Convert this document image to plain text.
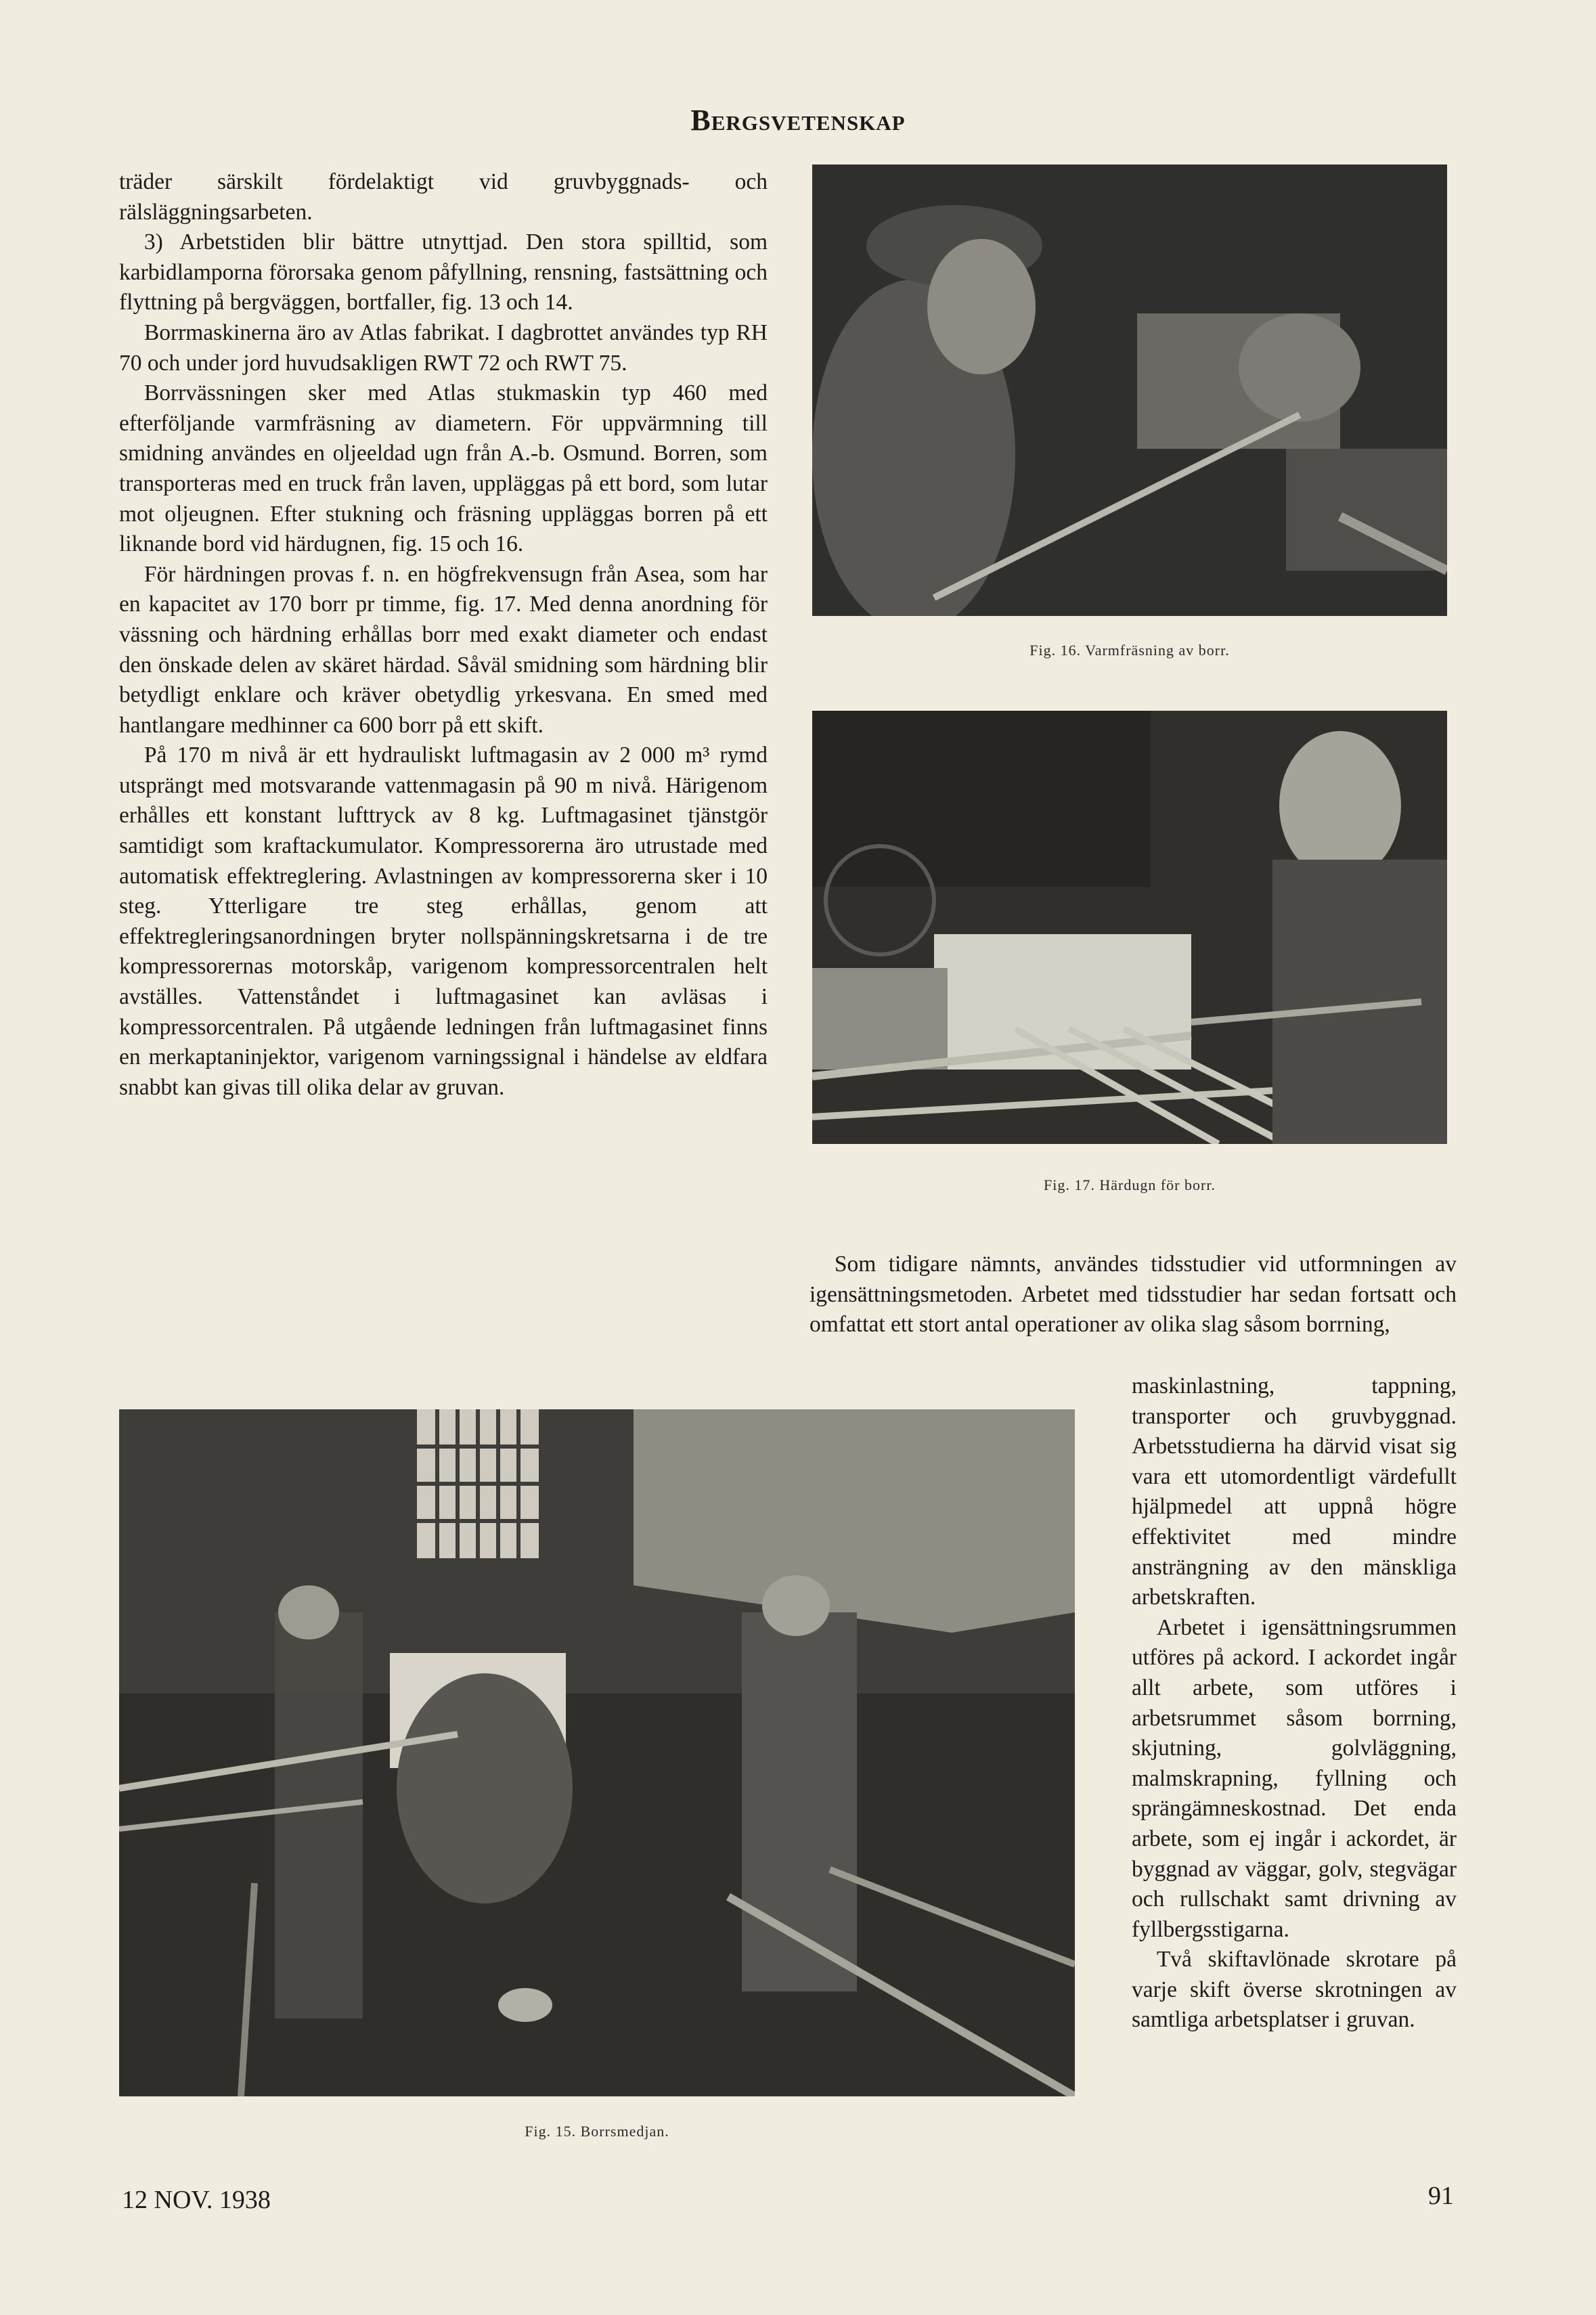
Bergsvetenskap

träder särskilt fördelaktigt vid gruvbyggnads- och rälsläggningsarbeten.

3) Arbetstiden blir bättre utnyttjad. Den stora spilltid, som karbidlamporna förorsaka genom påfyllning, rensning, fastsättning och flyttning på bergväggen, bortfaller, fig. 13 och 14.

Borrmaskinerna äro av Atlas fabrikat. I dagbrottet användes typ RH 70 och under jord huvudsakligen RWT 72 och RWT 75.

Borrvässningen sker med Atlas stukmaskin typ 460 med efterföljande varmfräsning av diametern. För uppvärmning till smidning användes en oljeeldad ugn från A.-b. Osmund. Borren, som transporteras med en truck från laven, uppläggas på ett bord, som lutar mot oljeugnen. Efter stukning och fräsning uppläggas borren på ett liknande bord vid härdugnen, fig. 15 och 16.

För härdningen provas f. n. en högfrekvensugn från Asea, som har en kapacitet av 170 borr pr timme, fig. 17. Med denna anordning för vässning och härdning erhållas borr med exakt diameter och endast den önskade delen av skäret härdad. Såväl smidning som härdning blir betydligt enklare och kräver obetydlig yrkesvana. En smed med hantlangare medhinner ca 600 borr på ett skift.

På 170 m nivå är ett hydrauliskt luftmagasin av 2 000 m³ rymd utsprängt med motsvarande vattenmagasin på 90 m nivå. Härigenom erhålles ett konstant lufttryck av 8 kg. Luftmagasinet tjänstgör samtidigt som kraftackumulator. Kompressorerna äro utrustade med automatisk effektreglering. Avlastningen av kompressorerna sker i 10 steg. Ytterligare tre steg erhållas, genom att effektregleringsanordningen bryter nollspänningskretsarna i de tre kompressorernas motorskåp, varigenom kompressorcentralen helt avställes. Vattenståndet i luftmagasinet kan avläsas i kompressorcentralen. På utgående ledningen från luftmagasinet finns en merkaptaninjektor, varigenom varningssignal i händelse av eldfara snabbt kan givas till olika delar av gruvan.

Fig. 16. Varmfräsning av borr.
Fig. 17. Härdugn för borr.

Som tidigare nämnts, användes tidsstudier vid utformningen av igensättningsmetoden. Arbetet med tidsstudier har sedan fortsatt och omfattat ett stort antal operationer av olika slag såsom borrning,

maskinlastning, tappning, transporter och gruvbyggnad. Arbetsstudierna ha därvid visat sig vara ett utomordentligt värdefullt hjälpmedel att uppnå högre effektivitet med mindre ansträngning av den mänskliga arbetskraften.

Arbetet i igensättningsrummen utföres på ackord. I ackordet ingår allt arbete, som utföres i arbetsrummet såsom borrning, skjutning, golvläggning, malmskrapning, fyllning och sprängämneskostnad. Det enda arbete, som ej ingår i ackordet, är byggnad av väggar, golv, stegvägar och rullschakt samt drivning av fyllbergsstigarna.

Två skiftavlönade skrotare på varje skift överse skrotningen av samtliga arbetsplatser i gruvan.

Fig. 15. Borrsmedjan.
12 NOV. 1938	91
